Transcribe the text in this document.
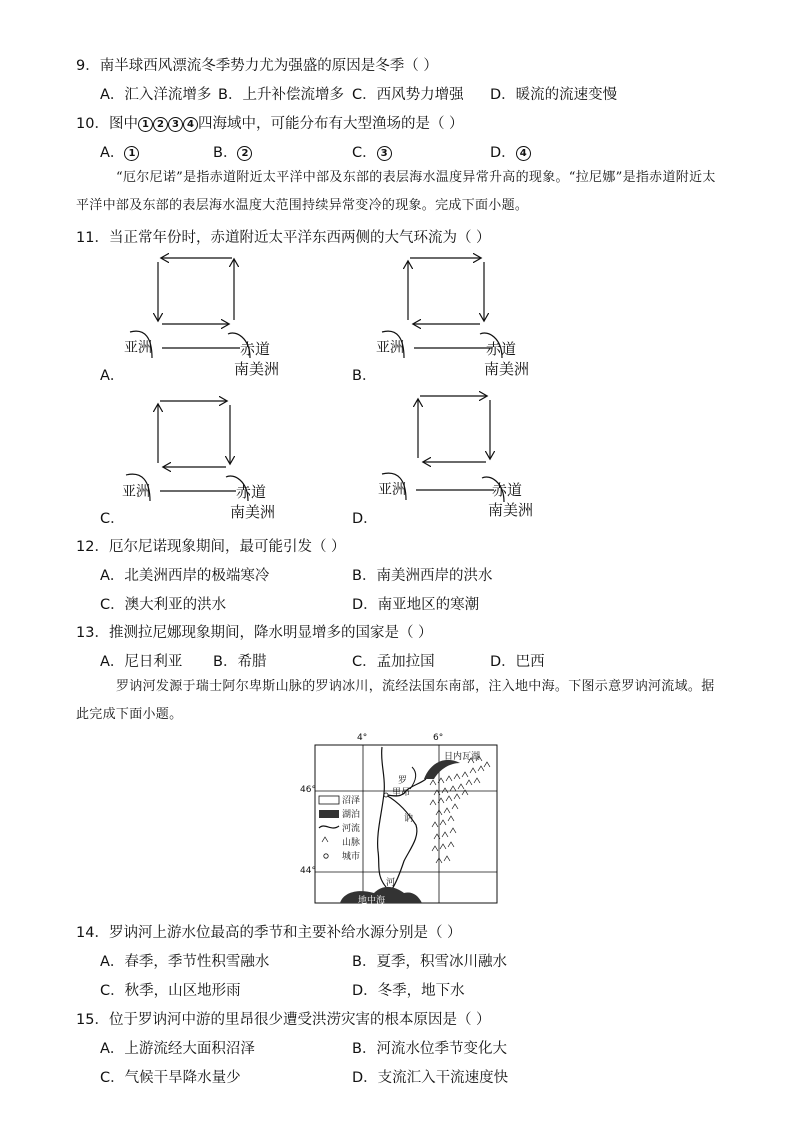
9．南半球西风漂流冬季势力尤为强盛的原因是冬季（ ）
A．汇入洋流增多 B．上升补偿流增多 C．西风势力增强 D．暖流的流速变慢
10．图中 1 2 3 4 四海域中，可能分布有大型渔场的是（ ）
A． 1	B． 2	C． 3	D． 4
“厄尔尼诺”是指赤道附近太平洋中部及东部的表层海水温度异常升高的现象。“拉尼娜”是指赤道附近太平洋中部及东部的表层海水温度大范围持续异常变冷的现象。完成下面小题。
11．当正常年份时，赤道附近太平洋东西两侧的大气环流为（ ）
亚洲	赤道
南美洲
A．
亚洲	赤道
南美洲
B．
亚洲	赤道
南美洲
C．
亚洲	赤道
南美洲
D．
12．厄尔尼诺现象期间，最可能引发（ ）
A．北美洲西岸的极端寒冷	B．南美洲西岸的洪水
C．澳大利亚的洪水	D．南亚地区的寒潮
13．推测拉尼娜现象期间，降水明显增多的国家是（ ）
A．尼日利亚 B．希腊	C．孟加拉国	D．巴西
罗讷河发源于瑞士阿尔卑斯山脉的罗讷冰川，流经法国东南部，注入地中海。下图示意罗讷河流域。据此完成下面小题。
4°	6°
46°
44°
沼泽
湖泊
河流
山脉
城市
日内瓦湖
里昂
罗
讷
河
地中海
14．罗讷河上游水位最高的季节和主要补给水源分别是（ ）
A．春季，季节性积雪融水	B．夏季，积雪冰川融水
C．秋季，山区地形雨	D．冬季，地下水
15．位于罗讷河中游的里昂很少遭受洪涝灾害的根本原因是（ ）
A．上游流经大面积沼泽	B．河流水位季节变化大
C．气候干旱降水量少	D．支流汇入干流速度快
